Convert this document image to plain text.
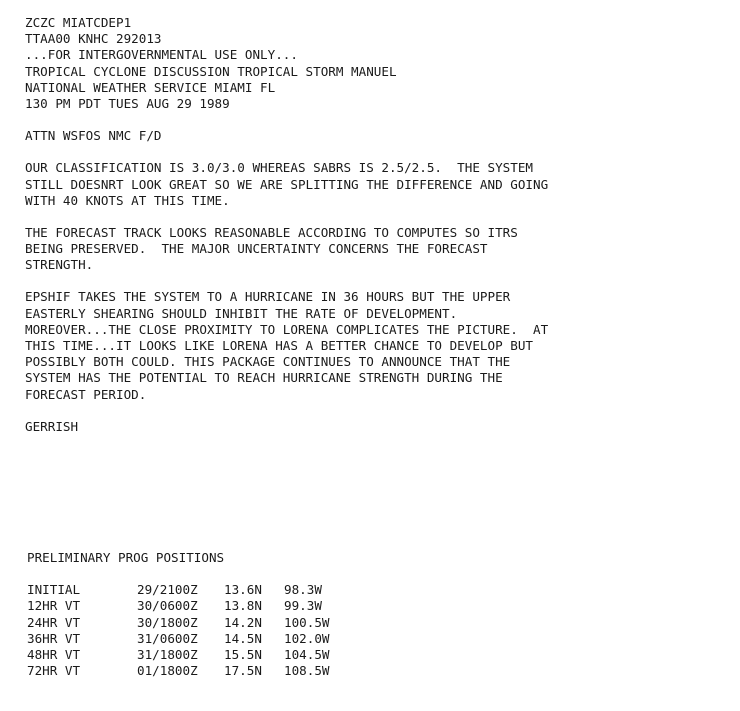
ZCZC MIATCDEP1

TTAA00 KNHC 292013

...FOR INTERGOVERNMENTAL USE ONLY...

TROPICAL CYCLONE DISCUSSION TROPICAL STORM MANUEL

NATIONAL WEATHER SERVICE MIAMI FL

130 PM PDT TUES AUG 29 1989

ATTN WSFOS NMC F/D

OUR CLASSIFICATION IS 3.0/3.0 WHEREAS SABRS IS 2.5/2.5.  THE SYSTEM

STILL DOESNRT LOOK GREAT SO WE ARE SPLITTING THE DIFFERENCE AND GOING

WITH 40 KNOTS AT THIS TIME.

THE FORECAST TRACK LOOKS REASONABLE ACCORDING TO COMPUTES SO ITRS

BEING PRESERVED.  THE MAJOR UNCERTAINTY CONCERNS THE FORECAST

STRENGTH.

EPSHIF TAKES THE SYSTEM TO A HURRICANE IN 36 HOURS BUT THE UPPER

EASTERLY SHEARING SHOULD INHIBIT THE RATE OF DEVELOPMENT.

MOREOVER...THE CLOSE PROXIMITY TO LORENA COMPLICATES THE PICTURE.  AT

THIS TIME...IT LOOKS LIKE LORENA HAS A BETTER CHANCE TO DEVELOP BUT

POSSIBLY BOTH COULD. THIS PACKAGE CONTINUES TO ANNOUNCE THAT THE

SYSTEM HAS THE POTENTIAL TO REACH HURRICANE STRENGTH DURING THE

FORECAST PERIOD.

GERRISH

PRELIMINARY PROG POSITIONS

INITIAL	29/2100Z	13.6N	98.3W
12HR VT	30/0600Z	13.8N	99.3W
24HR VT	30/1800Z	14.2N	100.5W
36HR VT	31/0600Z	14.5N	102.0W
48HR VT	31/1800Z	15.5N	104.5W
72HR VT	01/1800Z	17.5N	108.5W
